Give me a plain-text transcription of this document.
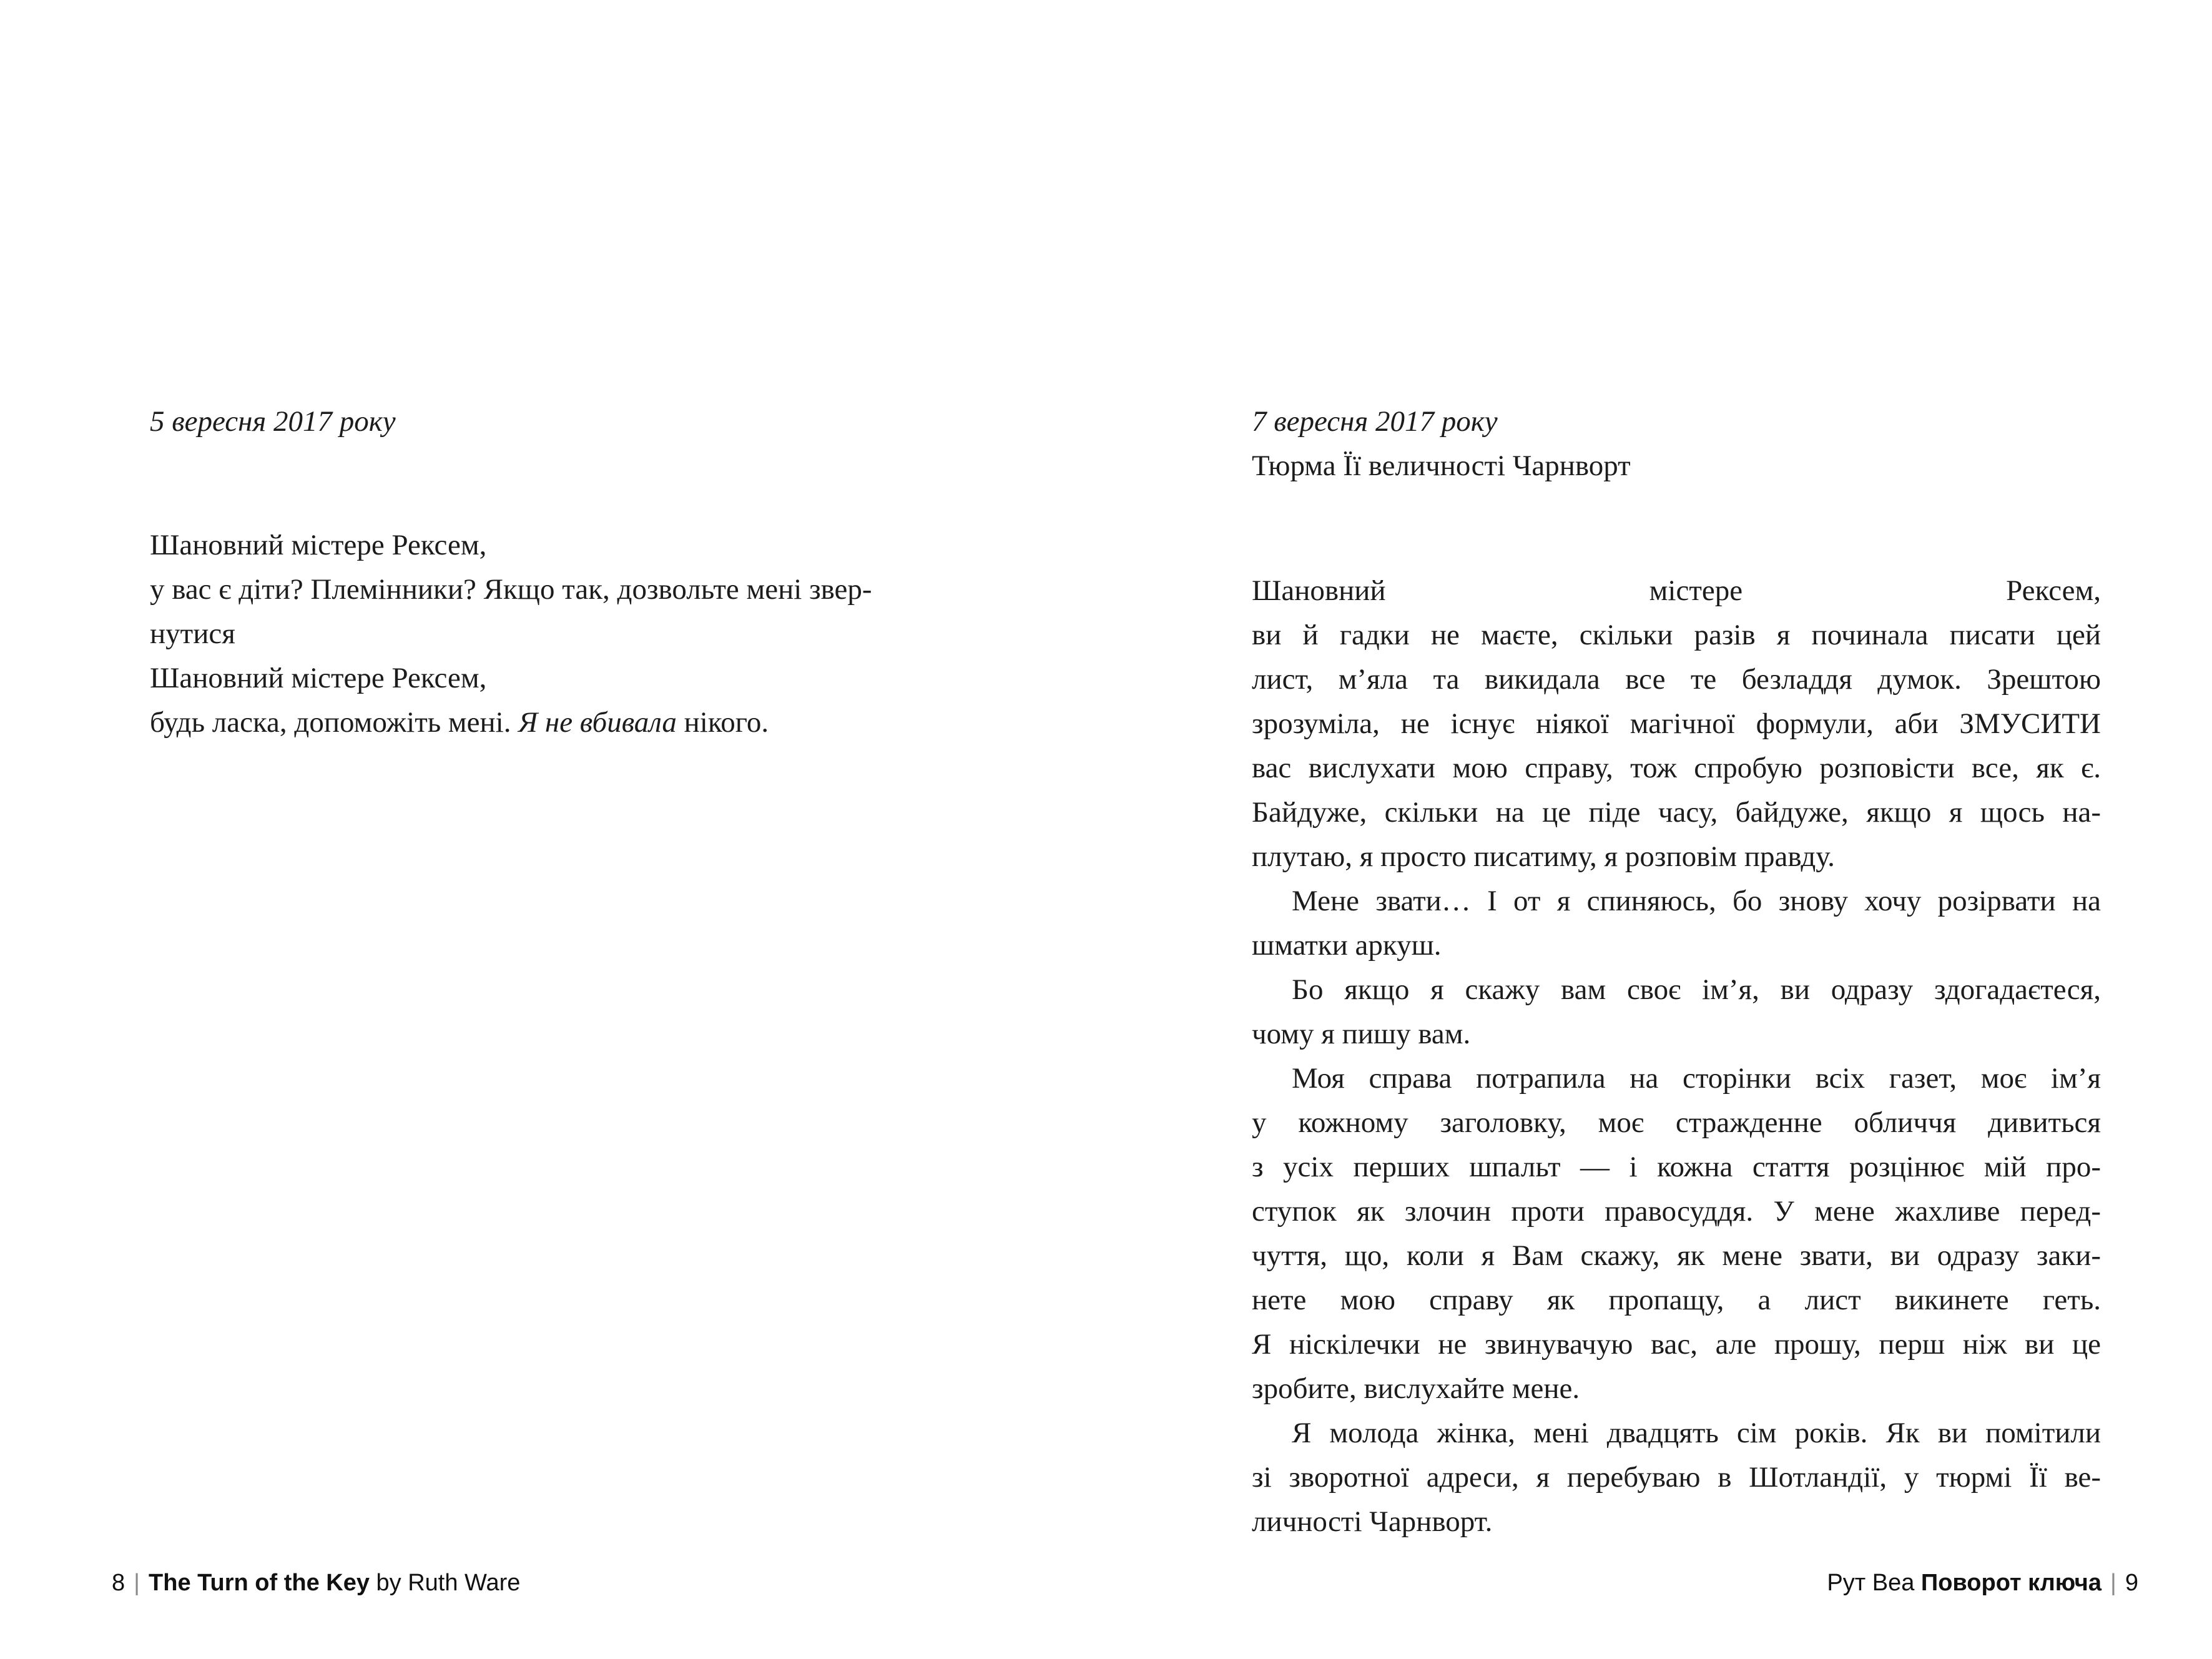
5 вересня 2017 року
Шановний містере Рексем,
у вас є діти? Племінники? Якщо так, дозвольте мені звер-
нутися
Шановний містере Рексем,
будь ласка, допоможіть мені. Я не вбивала нікого.
7 вересня 2017 року
Тюрма Її величності Чарнворт
Шановний містере Рексем,
ви й гадки не маєте, скільки разів я починала писати цей
лист, м’яла та викидала все те безладдя думок. Зрештою
зрозуміла, не існує ніякої магічної формули, аби ЗМУСИТИ
вас вислухати мою справу, тож спробую розповісти все, як є.
Байдуже, скільки на це піде часу, байдуже, якщо я щось на-
плутаю, я просто писатиму, я розповім правду.
Мене звати… І от я спиняюсь, бо знову хочу розірвати на
шматки аркуш.
Бо якщо я скажу вам своє ім’я, ви одразу здогадаєтеся,
чому я пишу вам.
Моя справа потрапила на сторінки всіх газет, моє ім’я
у кожному заголовку, моє стражденне обличчя дивиться
з усіх перших шпальт — і кожна стаття розцінює мій про-
ступок як злочин проти правосуддя. У мене жахливе перед-
чуття, що, коли я Вам скажу, як мене звати, ви одразу заки-
нете мою справу як пропащу, а лист викинете геть.
Я ніскілечки не звинувачую вас, але прошу, перш ніж ви це
зробите, вислухайте мене.
Я молода жінка, мені двадцять сім років. Як ви помітили
зі зворотної адреси, я перебуваю в Шотландії, у тюрмі Її ве-
личності Чарнворт.
8 | The Turn of the Key by Ruth Ware	Рут Веа Поворот ключа | 9
